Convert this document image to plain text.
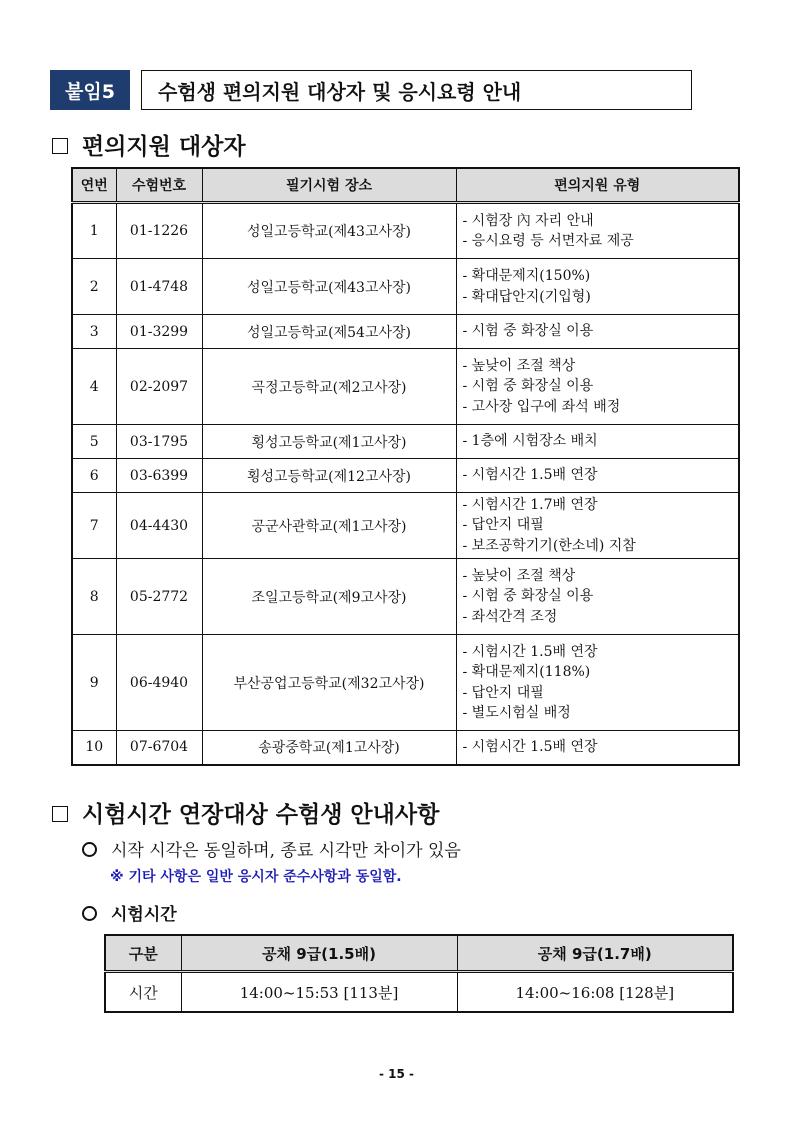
붙임5	수험생 편의지원 대상자 및 응시요령 안내
편의지원 대상자
연번	수험번호	필기시험 장소	편의지원 유형
1	01-1226	성일고등학교(제43고사장)	- 시험장 內 자리 안내
- 응시요령 등 서면자료 제공

2	01-4748	성일고등학교(제43고사장)	- 확대문제지(150%)
- 확대답안지(기입형)

3	01-3299	성일고등학교(제54고사장)	- 시험 중 화장실 이용

4	02-2097	곡정고등학교(제2고사장)	- 높낮이 조절 책상
- 시험 중 화장실 이용
- 고사장 입구에 좌석 배정

5	03-1795	횡성고등학교(제1고사장)	- 1층에 시험장소 배치

6	03-6399	횡성고등학교(제12고사장)	- 시험시간 1.5배 연장

7	04-4430	공군사관학교(제1고사장)	- 시험시간 1.7배 연장
- 답안지 대필
- 보조공학기기(한소네) 지참

8	05-2772	조일고등학교(제9고사장)	- 높낮이 조절 책상
- 시험 중 화장실 이용
- 좌석간격 조정

9	06-4940	부산공업고등학교(제32고사장)	- 시험시간 1.5배 연장
- 확대문제지(118%)
- 답안지 대필
- 별도시험실 배정

10	07-6704	송광중학교(제1고사장)	- 시험시간 1.5배 연장
시험시간 연장대상 수험생 안내사항
시작 시각은 동일하며, 종료 시각만 차이가 있음
※ 기타 사항은 일반 응시자 준수사항과 동일함.
시험시간
구분	공채 9급(1.5배)	공채 9급(1.7배)
시간	14:00~15:53 [113분]	14:00~16:08 [128분]
- 15 -
